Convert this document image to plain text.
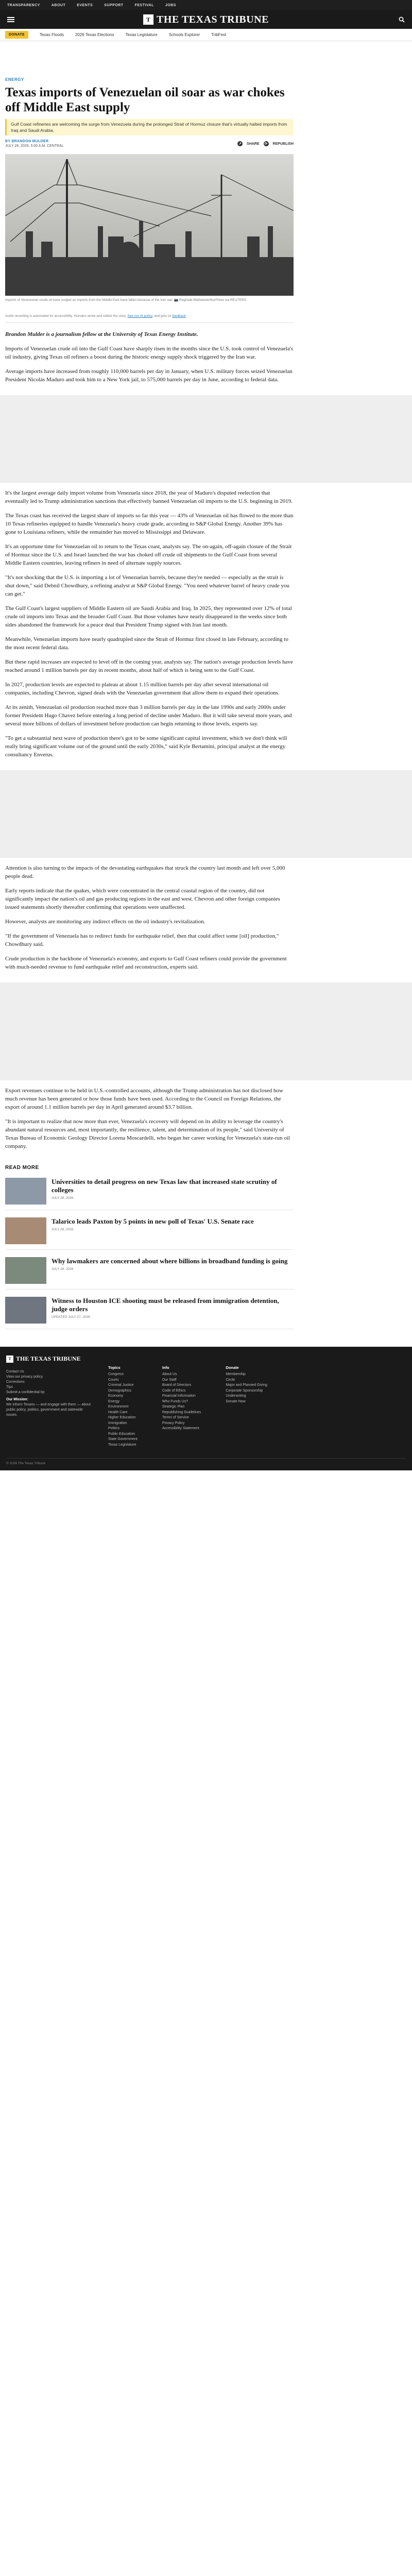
TRANSPARENCY	ABOUT	EVENTS	SUPPORT	FESTIVAL	JOBS
T THE TEXAS TRIBUNE
DONATE	Texas Floods	2026 Texas Elections	Texas Legislature	Schools Explorer	TribFest
ENERGY
Texas imports of Venezuelan oil soar as war chokes off Middle East supply
Gulf Coast refineries are welcoming the surge from Venezuela during the prolonged Strait of Hormuz closure that's virtually halted imports from Iraq and Saudi Arabia.
BY BRANDON MULDER
JULY 28, 2026, 5:00 A.M. CENTRAL
↗ SHARE ⟳ REPUBLISH
Imports of Venezuelan crude oil have surged as imports from the Middle East have fallen because of the Iran war. 📷 Reginald Mathalone/NurPhoto via REUTERS
Audio recording is automated for accessibility. Humans wrote and edited the story. See our AI policy, and give us feedback.
Brandon Mulder is a journalism fellow at the University of Texas Energy Institute.

Imports of Venezuelan crude oil into the Gulf Coast have sharply risen in the months since the U.S. took control of Venezuela's oil industry, giving Texas oil refiners a boost during the historic energy supply shock triggered by the Iran war.

Average imports have increased from roughly 110,000 barrels per day in January, when U.S. military forces seized Venezuelan President Nicolás Maduro and took him to a New York jail, to 575,000 barrels per day in June, according to federal data.

It's the largest average daily import volume from Venezuela since 2018, the year of Maduro's disputed reelection that eventually led to Trump administration sanctions that effectively banned Venezuelan oil imports to the U.S. beginning in 2019.

The Texas coast has received the largest share of imports so far this year — 43% of Venezuelan oil has flowed to the more than 10 Texas refineries equipped to handle Venezuela's heavy crude grade, according to S&P Global Energy. Another 39% has gone to Louisiana refiners, while the remainder has moved to Mississippi and Delaware.

It's an opportune time for Venezuelan oil to return to the Texas coast, analysts say. The on-again, off-again closure of the Strait of Hormuz since the U.S. and Israel launched the war has choked off crude oil shipments to the Gulf Coast from several Middle Eastern countries, leaving refiners in need of alternate supply sources.

"It's not shocking that the U.S. is importing a lot of Venezuelan barrels, because they're needed — especially as the strait is shut down," said Debnil Chowdhury, a refining analyst at S&P Global Energy. "You need whatever barrel of heavy crude you can get."

The Gulf Coast's largest suppliers of Middle Eastern oil are Saudi Arabia and Iraq. In 2025, they represented over 12% of total crude oil imports into Texas and the broader Gulf Coast. But those volumes have nearly disappeared in the weeks since both sides abandoned the framework for a peace deal that President Trump signed with Iran last month.

Meanwhile, Venezuelan imports have nearly quadrupled since the Strait of Hormuz first closed in late February, according to the most recent federal data.

But these rapid increases are expected to level off in the coming year, analysts say. The nation's average production levels have reached around 1 million barrels per day in recent months, about half of which is being sent to the Gulf Coast.

In 2027, production levels are expected to plateau at about 1.15 million barrels per day after several international oil companies, including Chevron, signed deals with the Venezuelan government that allow them to expand their operations.

At its zenith, Venezuelan oil production reached more than 3 million barrels per day in the late 1990s and early 2000s under former President Hugo Chavez before entering a long period of decline under Maduro. But it will take several more years, and several more billions of dollars of investment before production can begin returning to those levels, experts say.

"To get a substantial next wave of production there's got to be some significant capital investment, which we don't think will really bring significant volume out of the ground until the early 2030s," said Kyle Bertamini, principal analyst at the energy consultancy Enverus.

Attention is also turning to the impacts of the devastating earthquakes that struck the country last month and left over 5,000 people dead.

Early reports indicate that the quakes, which were concentrated in the central coastal region of the country, did not significantly impact the nation's oil and gas producing regions in the east and west. Chevron and other foreign companies issued statements shortly thereafter confirming that operations were unaffected.

However, analysts are monitoring any indirect effects on the oil industry's revitalization.

"If the government of Venezuela has to redirect funds for earthquake relief, then that could affect some [oil] production," Chowdhury said.

Crude production is the backbone of Venezuela's economy, and exports to Gulf Coast refiners could provide the government with much-needed revenue to fund earthquake relief and reconstruction, experts said.

Export revenues continue to be held in U.S.-controlled accounts, although the Trump administration has not disclosed how much revenue has been generated or how those funds have been used. According to the Council on Foreign Relations, the export of around 1.1 million barrels per day in April generated around $3.7 billion.

"It is important to realize that now more than ever, Venezuela's recovery will depend on its ability to leverage the country's abundant natural resources and, most importantly, the resilience, talent, and determination of its people," said University of Texas Bureau of Economic Geology Director Lorena Moscardelli, who began her career working for Venezuela's state-run oil company.

READ MORE
Universities to detail progress on new Texas law that increased state scrutiny of colleges
JULY 28, 2026
Talarico leads Paxton by 5 points in new poll of Texas' U.S. Senate race
JULY 28, 2026
Why lawmakers are concerned about where billions in broadband funding is going
JULY 28, 2026
Witness to Houston ICE shooting must be released from immigration detention, judge orders
UPDATED JULY 27, 2026
T THE TEXAS TRIBUNE
Contact Us
View our privacy policy
Corrections
Tips
Submit a confidential tip
Our Mission:
We inform Texans — and engage with them — about public policy, politics, government and statewide issues.
Topics
Congress
Courts
Criminal Justice
Demographics
Economy
Energy
Environment
Health Care
Higher Education
Immigration
Politics
Public Education
State Government
Texas Legislature
Info
About Us
Our Staff
Board of Directors
Code of Ethics
Financial Information
Who Funds Us?
Strategic Plan
Republishing Guidelines
Terms of Service
Privacy Policy
Accessibility Statement
Donate
Membership
Circle
Major and Planned Giving
Corporate Sponsorship
Underwriting
Donate Now
© 2026 The Texas Tribune
